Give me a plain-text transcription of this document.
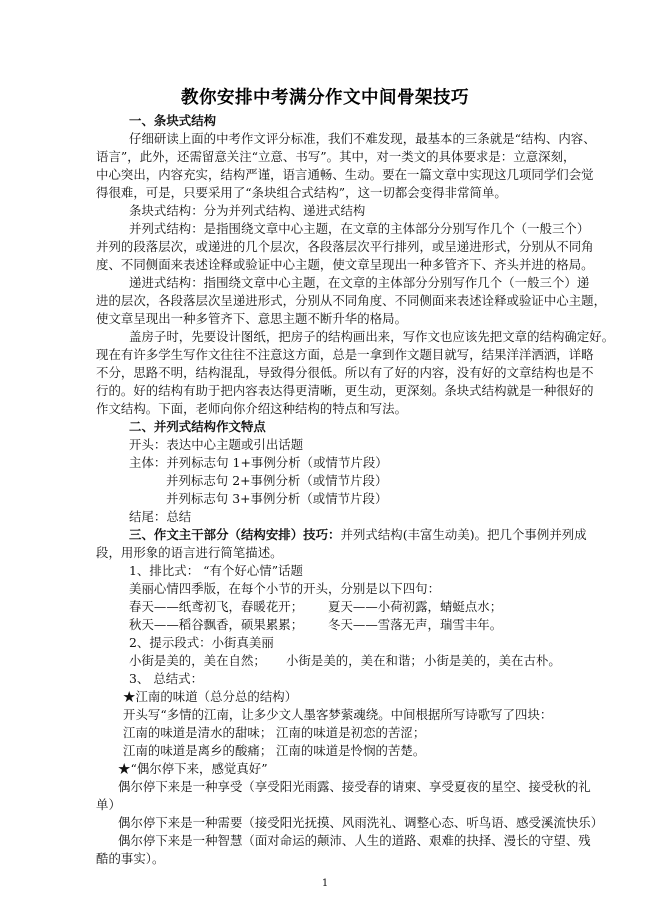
教你安排中考满分作文中间骨架技巧
一、条块式结构
仔细研读上面的中考作文评分标准，我们不难发现，最基本的三条就是“结构、内容、
语言”，此外，还需留意关注“立意、书写”。其中，对一类文的具体要求是：立意深刻，
中心突出，内容充实，结构严谨，语言通畅、生动。要在一篇文章中实现这几项同学们会觉
得很难，可是，只要采用了“条块组合式结构”，这一切都会变得非常简单。
条块式结构：分为并列式结构、递进式结构
并列式结构：是指围绕文章中心主题，在文章的主体部分分别写作几个（一般三个）
并列的段落层次，或递进的几个层次，各段落层次平行排列，或呈递进形式，分别从不同角
度、不同侧面来表述诠释或验证中心主题，使文章呈现出一种多管齐下、齐头并进的格局。
递进式结构：指围绕文章中心主题，在文章的主体部分分别写作几个（一般三个）递
进的层次，各段落层次呈递进形式，分别从不同角度、不同侧面来表述诠释或验证中心主题，
使文章呈现出一种多管齐下、意思主题不断升华的格局。
盖房子时，先要设计图纸，把房子的结构画出来，写作文也应该先把文章的结构确定好。
现在有许多学生写作文往往不注意这方面，总是一拿到作文题目就写，结果洋洋洒洒，详略
不分，思路不明，结构混乱，导致得分很低。所以有了好的内容，没有好的文章结构也是不
行的。好的结构有助于把内容表达得更清晰，更生动，更深刻。条块式结构就是一种很好的
作文结构。下面，老师向你介绍这种结构的特点和写法。
二、并列式结构作文特点
开头：表达中心主题或引出话题
主体：并列标志句 1+事例分析（或情节片段）
并列标志句 2+事例分析（或情节片段）
并列标志句 3+事例分析（或情节片段）
结尾：总结
三、作文主干部分（结构安排）技巧：并列式结构(丰富生动美)。把几个事例并列成
段，用形象的语言进行简笔描述。
1、排比式： “有个好心情”话题
美丽心情四季版，在每个小节的开头，分别是以下四句：
春天——纸鸢初飞，春暖花开； 夏天——小荷初露，蜻蜓点水；
秋天——稻谷飘香，硕果累累； 冬天——雪落无声，瑞雪丰年。
2、提示段式：小街真美丽
小街是美的，美在自然； 小街是美的，美在和谐； 小街是美的，美在古朴。
3、 总结式：
★江南的味道（总分总的结构）
开头写“多情的江南，让多少文人墨客梦萦魂绕。中间根据所写诗歌写了四块：
江南的味道是清水的甜味； 江南的味道是初恋的苦涩；
江南的味道是离乡的酸痛； 江南的味道是怜悯的苦楚。
★“偶尔停下来，感觉真好”
偶尔停下来是一种享受（享受阳光雨露、接受春的请柬、享受夏夜的星空、接受秋的礼
单）
偶尔停下来是一种需要（接受阳光抚摸、风雨洗礼、调整心态、听鸟语、感受溪流快乐）
偶尔停下来是一种智慧（面对命运的颠沛、人生的道路、艰难的抉择、漫长的守望、残
酷的事实）。
1
